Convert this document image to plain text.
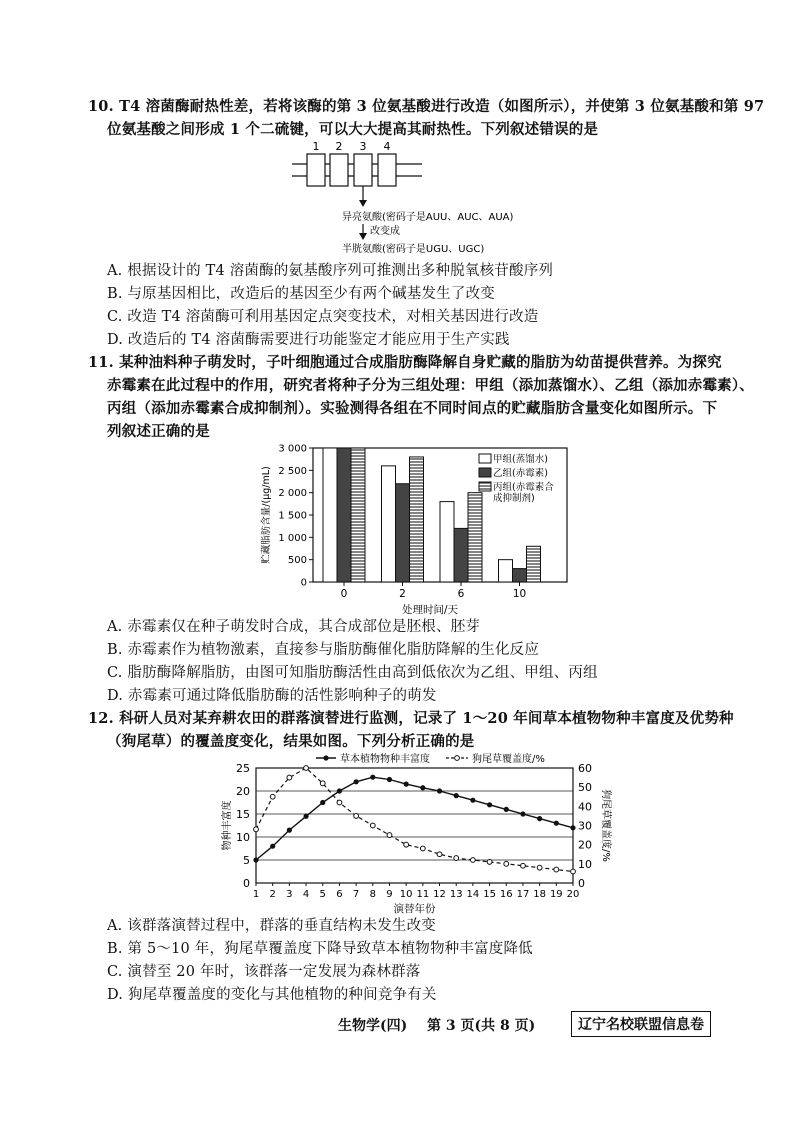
10. T4 溶菌酶耐热性差，若将该酶的第 3 位氨基酸进行改造（如图所示），并使第 3 位氨基酸和第 97
位氨基酸之间形成 1 个二硫键，可以大大提高其耐热性。下列叙述错误的是
1 2 3 4
异亮氨酸(密码子是AUU、AUC、AUA)
改变成
半胱氨酸(密码子是UGU、UGC)
A. 根据设计的 T4 溶菌酶的氨基酸序列可推测出多种脱氧核苷酸序列
B. 与原基因相比，改造后的基因至少有两个碱基发生了改变
C. 改造 T4 溶菌酶可利用基因定点突变技术，对相关基因进行改造
D. 改造后的 T4 溶菌酶需要进行功能鉴定才能应用于生产实践
11. 某种油料种子萌发时，子叶细胞通过合成脂肪酶降解自身贮藏的脂肪为幼苗提供营养。为探究
赤霉素在此过程中的作用，研究者将种子分为三组处理：甲组（添加蒸馏水）、乙组（添加赤霉素）、
丙组（添加赤霉素合成抑制剂）。实验测得各组在不同时间点的贮藏脂肪含量变化如图所示。下
列叙述正确的是
0
500
1 000
1 500
2 000
2 500
3 000
贮藏脂肪含量/(μg/mL)
0	2	6	10
处理时间/天
甲组(蒸馏水)
乙组(赤霉素)
丙组(赤霉素合
成抑制剂)
A. 赤霉素仅在种子萌发时合成，其合成部位是胚根、胚芽
B. 赤霉素作为植物激素，直接参与脂肪酶催化脂肪降解的生化反应
C. 脂肪酶降解脂肪，由图可知脂肪酶活性由高到低依次为乙组、甲组、丙组
D. 赤霉素可通过降低脂肪酶的活性影响种子的萌发
12. 科研人员对某弃耕农田的群落演替进行监测，记录了 1～20 年间草本植物物种丰富度及优势种
（狗尾草）的覆盖度变化，结果如图。下列分析正确的是
0
5
10
15
20
25
0
10
20
30
40
50
60
1 2 3 4 5 6 7 8 9 10 11 12 13 14 15 16 17 18 19 20
演替年份
物种丰富度	狗尾草覆盖度/%
草本植物物种丰富度	狗尾草覆盖度/%
A. 该群落演替过程中，群落的垂直结构未发生改变
B. 第 5～10 年，狗尾草覆盖度下降导致草本植物物种丰富度降低
C. 演替至 20 年时，该群落一定发展为森林群落
D. 狗尾草覆盖度的变化与其他植物的种间竞争有关
生物学(四) 第 3 页(共 8 页)	辽宁名校联盟信息卷
